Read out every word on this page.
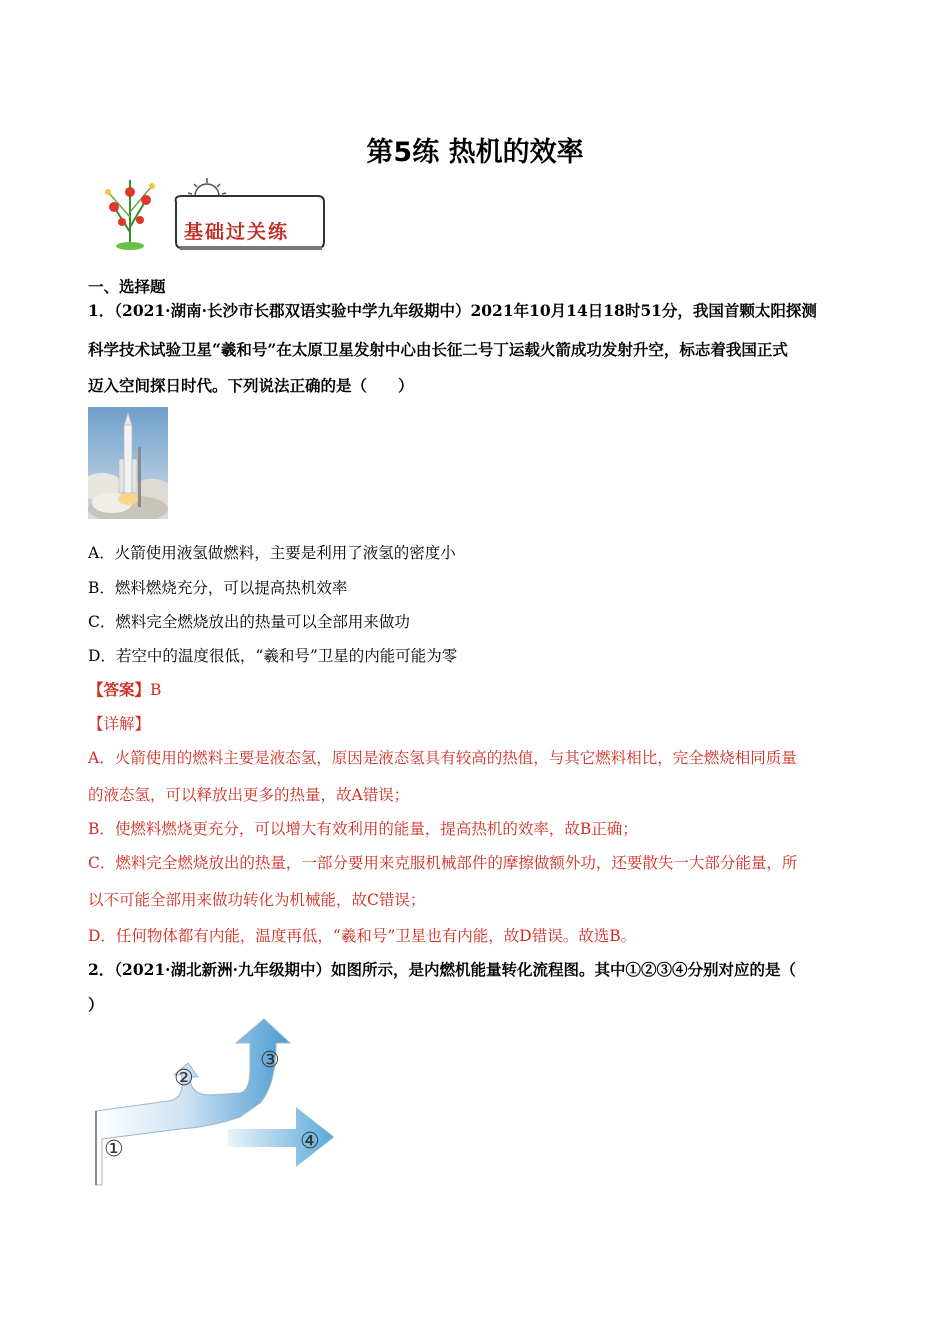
第5练 热机的效率
基础过关练
一、选择题
1．（2021·湖南·长沙市长郡双语实验中学九年级期中）2021年10月14日18时51分，我国首颗太阳探测
科学技术试验卫星“羲和号”在太原卫星发射中心由长征二号丁运载火箭成功发射升空，标志着我国正式
迈入空间探日时代。下列说法正确的是（　　）
A．火箭使用液氢做燃料，主要是利用了液氢的密度小
B．燃料燃烧充分，可以提高热机效率
C．燃料完全燃烧放出的热量可以全部用来做功
D．若空中的温度很低，“羲和号”卫星的内能可能为零
【答案】B
【详解】
A．火箭使用的燃料主要是液态氢，原因是液态氢具有较高的热值，与其它燃料相比，完全燃烧相同质量
的液态氢，可以释放出更多的热量，故A错误；
B．使燃料燃烧更充分，可以增大有效利用的能量，提高热机的效率，故B正确；
C．燃料完全燃烧放出的热量，一部分要用来克服机械部件的摩擦做额外功，还要散失一大部分能量，所
以不可能全部用来做功转化为机械能，故C错误；
D．任何物体都有内能，温度再低，“羲和号”卫星也有内能，故D错误。故选B。
2．（2021·湖北新洲·九年级期中）如图所示，是内燃机能量转化流程图。其中①②③④分别对应的是（
）
①
②
③
④
